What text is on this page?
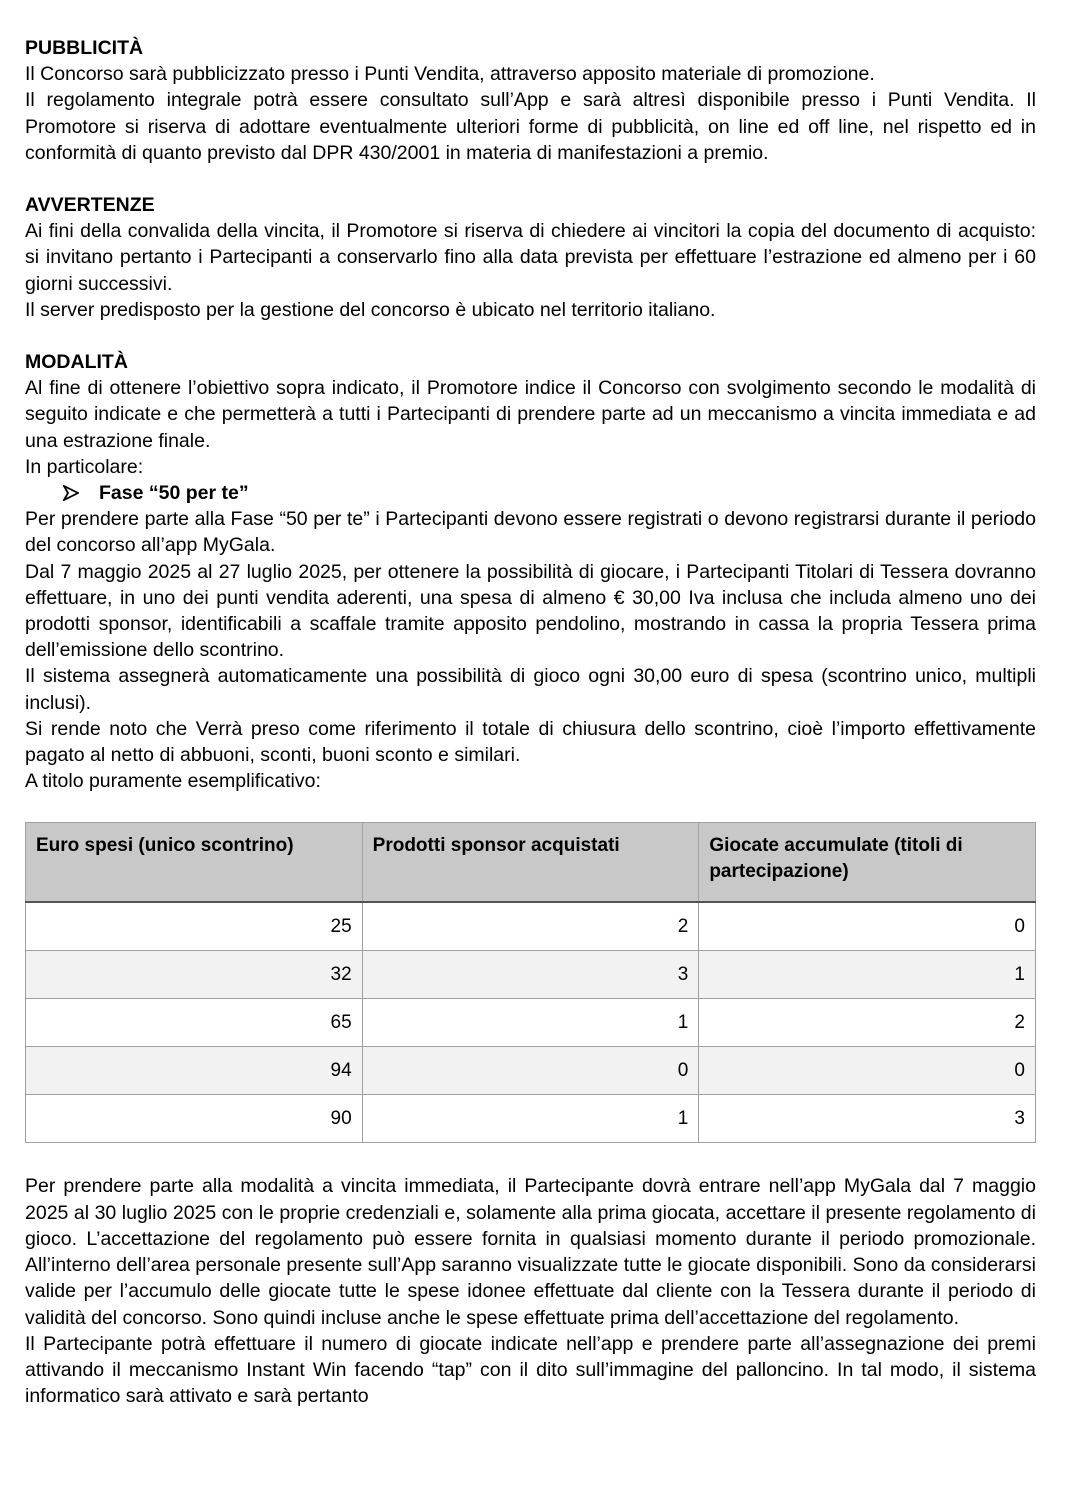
PUBBLICITÀ

Il Concorso sarà pubblicizzato presso i Punti Vendita, attraverso apposito materiale di promozione.

Il regolamento integrale potrà essere consultato sull’App e sarà altresì disponibile presso i Punti Vendita. Il Promotore si riserva di adottare eventualmente ulteriori forme di pubblicità, on line ed off line, nel rispetto ed in conformità di quanto previsto dal DPR 430/2001 in materia di manifestazioni a premio.

AVVERTENZE

Ai fini della convalida della vincita, il Promotore si riserva di chiedere ai vincitori la copia del documento di acquisto: si invitano pertanto i Partecipanti a conservarlo fino alla data prevista per effettuare l’estrazione ed almeno per i 60 giorni successivi.

Il server predisposto per la gestione del concorso è ubicato nel territorio italiano.

MODALITÀ

Al fine di ottenere l’obiettivo sopra indicato, il Promotore indice il Concorso con svolgimento secondo le modalità di seguito indicate e che permetterà a tutti i Partecipanti di prendere parte ad un meccanismo a vincita immediata e ad una estrazione finale.

In particolare:

Fase “50 per te”

Per prendere parte alla Fase “50 per te” i Partecipanti devono essere registrati o devono registrarsi durante il periodo del concorso all’app MyGala.

Dal 7 maggio 2025 al 27 luglio 2025, per ottenere la possibilità di giocare, i Partecipanti Titolari di Tessera dovranno effettuare, in uno dei punti vendita aderenti, una spesa di almeno € 30,00 Iva inclusa che includa almeno uno dei prodotti sponsor, identificabili a scaffale tramite apposito pendolino, mostrando in cassa la propria Tessera prima dell’emissione dello scontrino.

Il sistema assegnerà automaticamente una possibilità di gioco ogni 30,00 euro di spesa (scontrino unico, multipli inclusi).

Si rende noto che Verrà preso come riferimento il totale di chiusura dello scontrino, cioè l’importo effettivamente pagato al netto di abbuoni, sconti, buoni sconto e similari.

A titolo puramente esemplificativo:

Euro spesi (unico scontrino)	Prodotti sponsor acquistati	Giocate accumulate (titoli di partecipazione)
25	2	0
32	3	1
65	1	2
94	0	0
90	1	3

Per prendere parte alla modalità a vincita immediata, il Partecipante dovrà entrare nell’app MyGala dal 7 maggio 2025 al 30 luglio 2025 con le proprie credenziali e, solamente alla prima giocata, accettare il presente regolamento di gioco. L’accettazione del regolamento può essere fornita in qualsiasi momento durante il periodo promozionale. All’interno dell’area personale presente sull’App saranno visualizzate tutte le giocate disponibili. Sono da considerarsi valide per l’accumulo delle giocate tutte le spese idonee effettuate dal cliente con la Tessera durante il periodo di validità del concorso. Sono quindi incluse anche le spese effettuate prima dell’accettazione del regolamento.

Il Partecipante potrà effettuare il numero di giocate indicate nell’app e prendere parte all’assegnazione dei premi attivando il meccanismo Instant Win facendo “tap” con il dito sull’immagine del palloncino. In tal modo, il sistema informatico sarà attivato e sarà pertanto
